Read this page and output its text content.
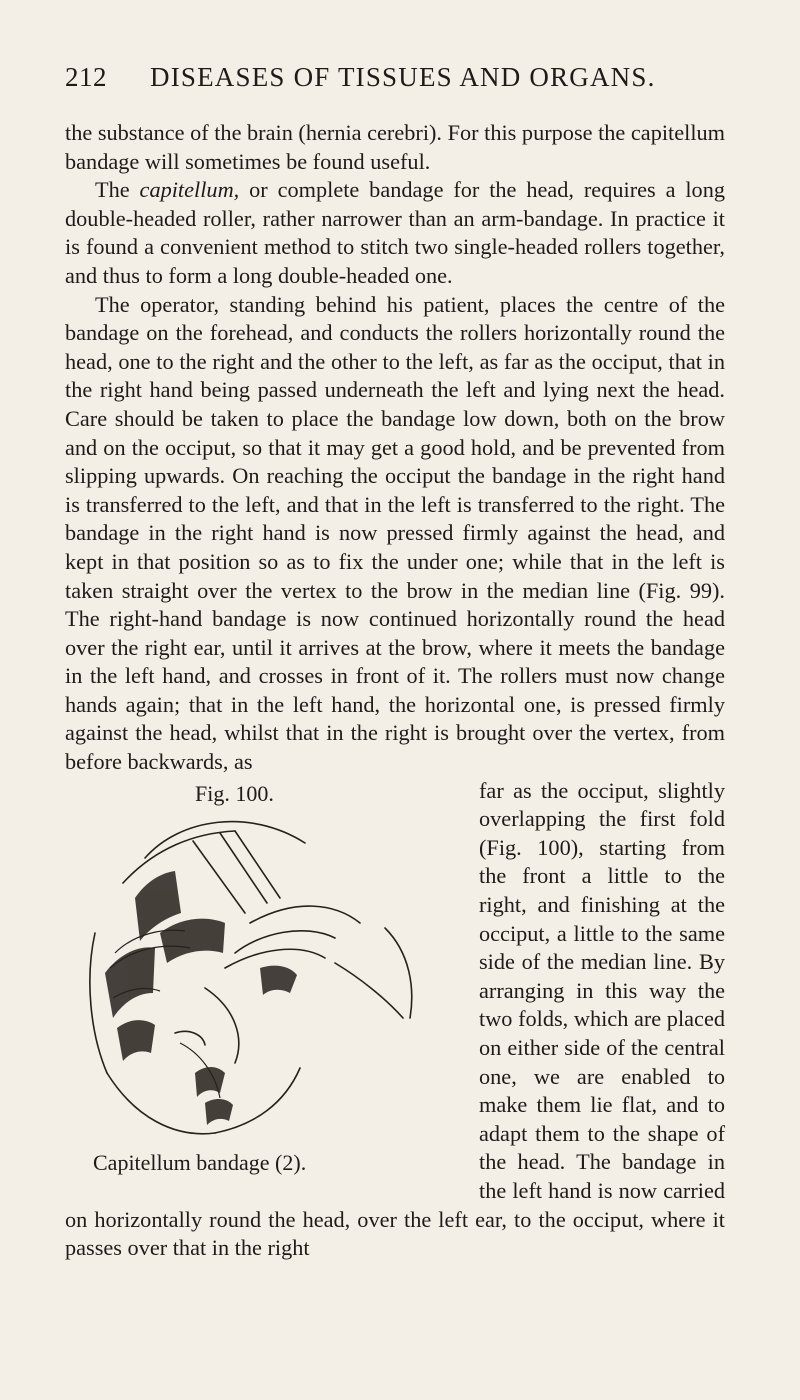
212 DISEASES OF TISSUES AND ORGANS.

the substance of the brain (hernia cerebri). For this purpose the capitellum bandage will sometimes be found useful.

The capitellum, or complete bandage for the head, requires a long double-headed roller, rather narrower than an arm-bandage. In practice it is found a convenient method to stitch two single-headed rollers together, and thus to form a long double-headed one.

The operator, standing behind his patient, places the centre of the bandage on the forehead, and conducts the rollers horizontally round the head, one to the right and the other to the left, as far as the occiput, that in the right hand being passed underneath the left and lying next the head. Care should be taken to place the bandage low down, both on the brow and on the occiput, so that it may get a good hold, and be prevented from slipping upwards. On reaching the occiput the bandage in the right hand is transferred to the left, and that in the left is transferred to the right. The bandage in the right hand is now pressed firmly against the head, and kept in that position so as to fix the under one; while that in the left is taken straight over the vertex to the brow in the median line (Fig. 99). The right-hand bandage is now continued horizontally round the head over the right ear, until it arrives at the brow, where it meets the bandage in the left hand, and crosses in front of it. The rollers must now change hands again; that in the left hand, the horizontal one, is pressed firmly against the head, whilst that in the right is brought over the vertex, from before backwards, as

Fig. 100.
Capitellum bandage (2).

far as the occiput, slightly overlapping the first fold (Fig. 100), starting from the front a little to the right, and finishing at the occiput, a little to the same side of the median line. By arranging in this way the two folds, which are placed on either side of the central one, we are enabled to make them lie flat, and to adapt them to the shape of the head. The bandage in the left hand is now carried on horizontally round the head, over the left ear, to the occiput, where it passes over that in the right
